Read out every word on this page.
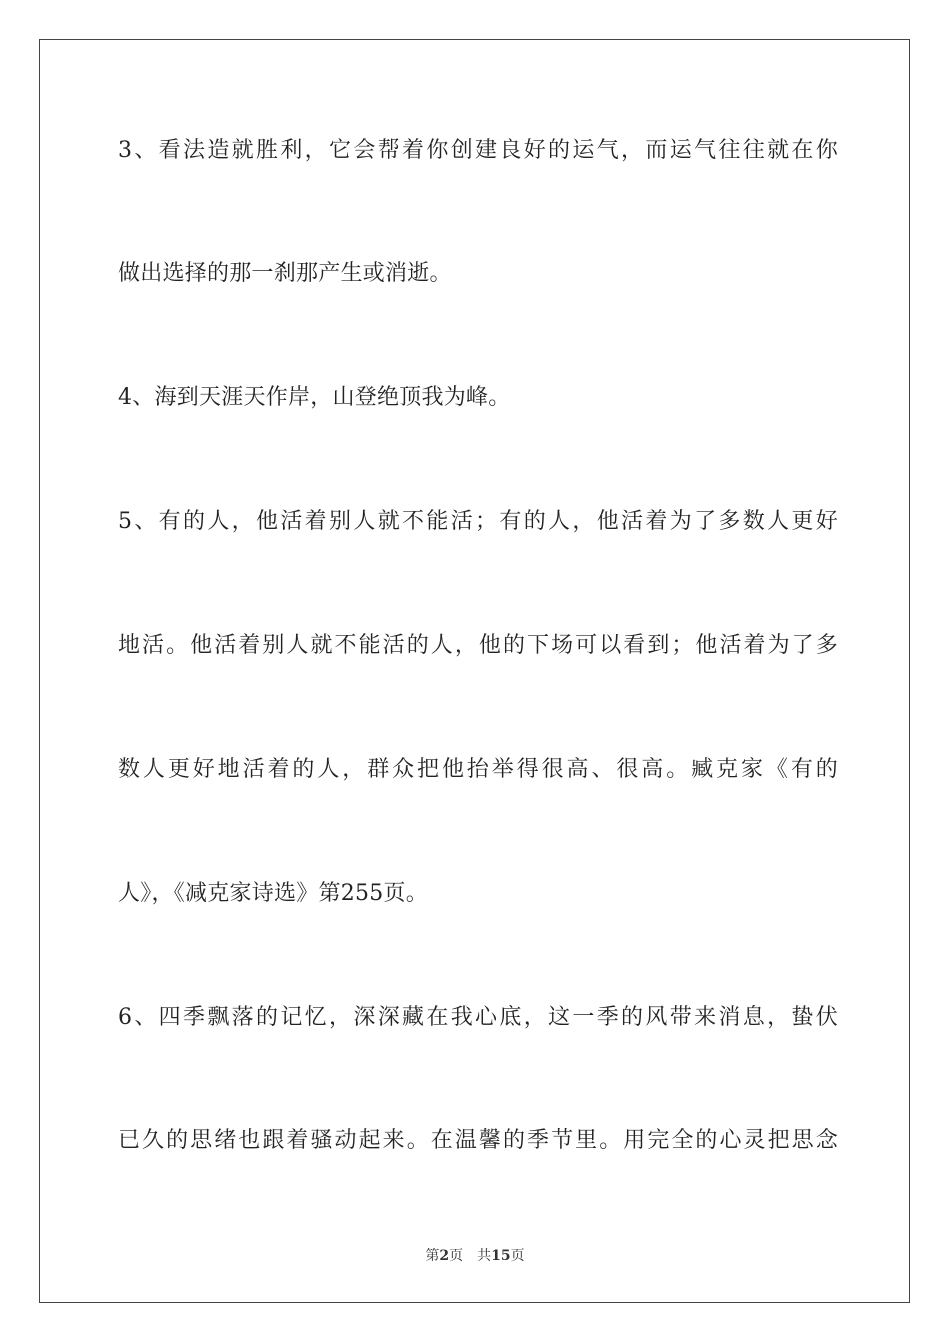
3、看法造就胜利，它会帮着你创建良好的运气，而运气往往就在你
做出选择的那一刹那产生或消逝。
4、海到天涯天作岸，山登绝顶我为峰。
5、有的人，他活着别人就不能活；有的人，他活着为了多数人更好
地活。他活着别人就不能活的人，他的下场可以看到；他活着为了多
数人更好地活着的人，群众把他抬举得很高、很高。臧克家《有的
人》，《减克家诗选》第255页。
6、四季飘落的记忆，深深藏在我心底，这一季的风带来消息，蛰伏
已久的思绪也跟着骚动起来。在温馨的季节里。用完全的心灵把思念
第2页 共15页
